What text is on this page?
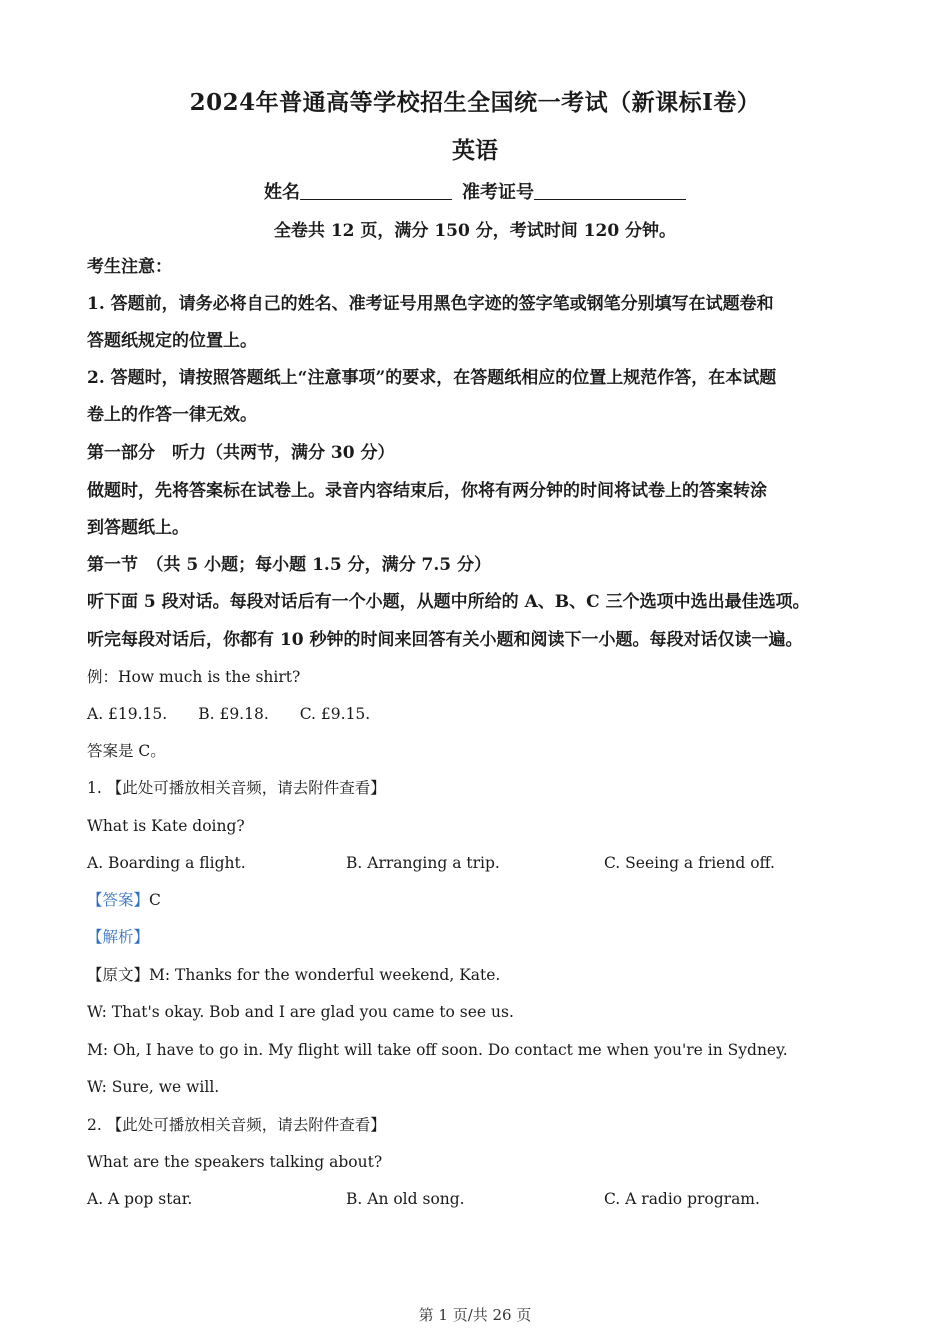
2024年普通高等学校招生全国统一考试（新课标Ⅰ卷）
英语
姓名	准考证号
全卷共 12 页，满分 150 分，考试时间 120 分钟。
考生注意：
1. 答题前，请务必将自己的姓名、准考证号用黑色字迹的签字笔或钢笔分别填写在试题卷和
答题纸规定的位置上。
2. 答题时，请按照答题纸上“注意事项”的要求，在答题纸相应的位置上规范作答，在本试题
卷上的作答一律无效。
第一部分　听力（共两节，满分 30 分）
做题时，先将答案标在试卷上。录音内容结束后，你将有两分钟的时间将试卷上的答案转涂
到答题纸上。
第一节　（共 5 小题；每小题 1.5 分，满分 7.5 分）
听下面 5 段对话。每段对话后有一个小题，从题中所给的 A、B、C 三个选项中选出最佳选项。
听完每段对话后，你都有 10 秒钟的时间来回答有关小题和阅读下一小题。每段对话仅读一遍。
例：How much is the shirt?
A. £19.15.　　B. £9.18.　　C. £9.15.
答案是 C。
1. 【此处可播放相关音频，请去附件查看】
What is Kate doing?
A. Boarding a flight.	B. Arranging a trip.	C. Seeing a friend off.
【答案】C
【解析】
【原文】M: Thanks for the wonderful weekend, Kate.
W: That's okay. Bob and I are glad you came to see us.
M: Oh, I have to go in. My flight will take off soon. Do contact me when you're in Sydney.
W: Sure, we will.
2. 【此处可播放相关音频，请去附件查看】
What are the speakers talking about?
A. A pop star.	B. An old song.	C. A radio program.
第 1 页/共 26 页
